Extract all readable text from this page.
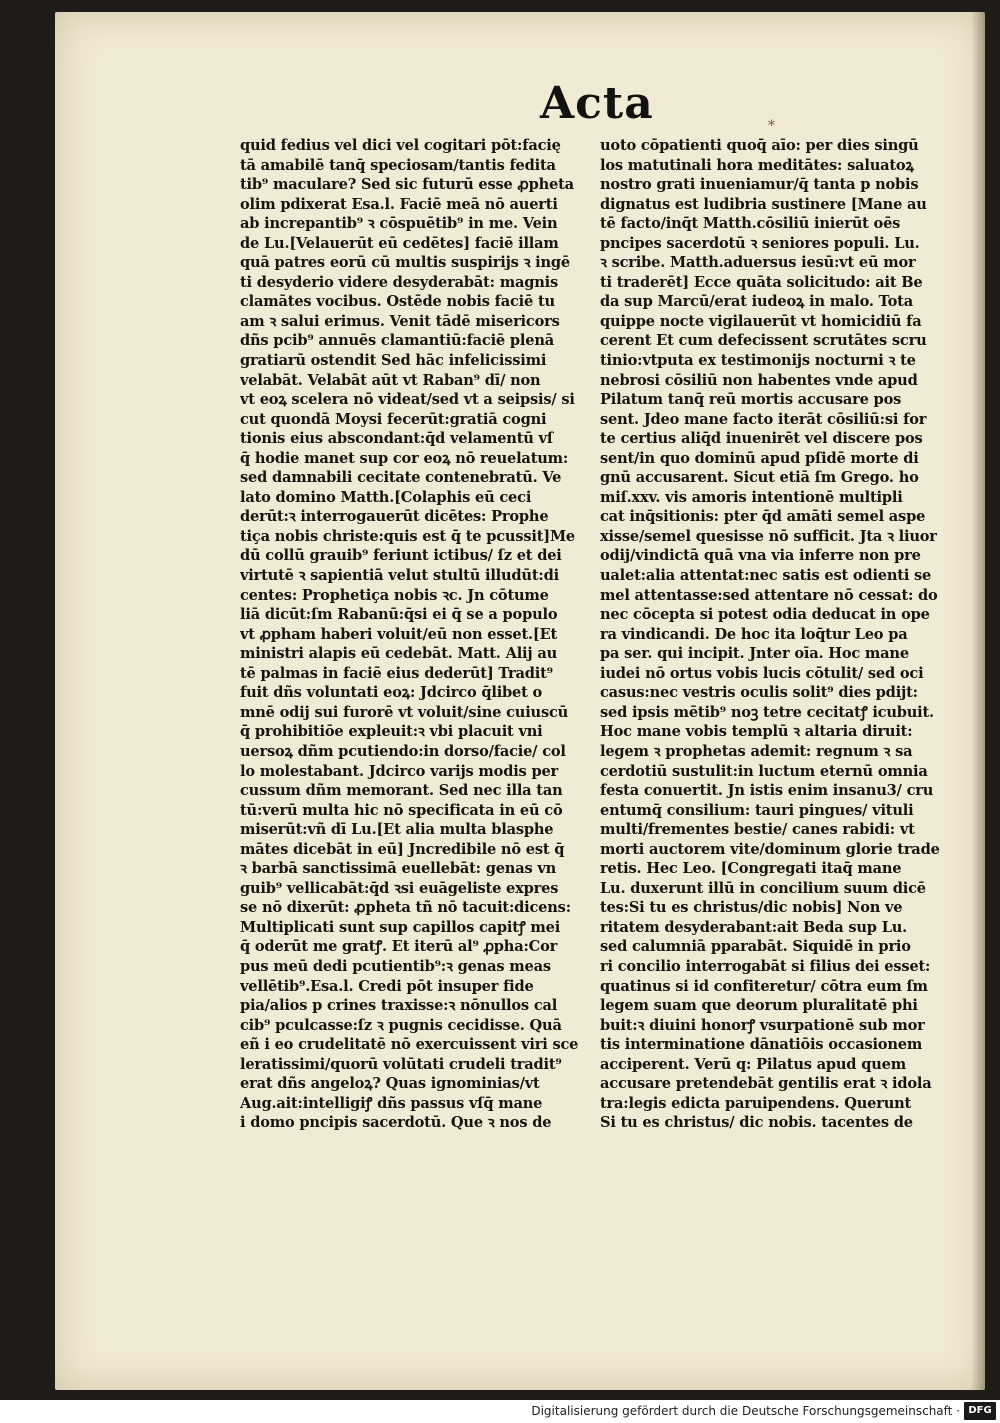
Acta	*
quid fedius vel dici vel cogitari pōt:facię
tā amabilē tanq̄ speciosam/tantis fedita
tib⁹ maculare? Sed sic futurū esse ꝓpheta
olim pdixerat Esa.l. Faciē meā nō auerti
ab increpantib⁹ ꝛ cōspuētib⁹ in me. Vein
de Lu.[Velauerūt eū cedētes] faciē illam
quā patres eorū cū multis suspirijs ꝛ ingē
ti desyderio videre desyderabāt: magnis
clamātes vocibus. Ostēde nobis faciē tu
am ꝛ salui erimus. Venit tādē misericors
dñs pcib⁹ annuēs clamantiū:faciē plenā
gratiarū ostendit Sed hāc infelicissimi
velabāt. Velabāt aūt vt Raban⁹ dī/ non
vt eoꝝ scelera nō videat/sed vt a seipsis/ si
cut quondā Moysi fecerūt:gratiā cogni
tionis eius abscondant:q̄d velamentū vſ
q̄ hodie manet sup cor eoꝝ nō reuelatum:
sed damnabili cecitate contenebratū. Ve
lato domino Matth.[Colaphis eū ceci
derūt:ꝛ interrogauerūt dicētes: Prophe
tiça nobis christe:quis est q̄ te pcussit]Me
dū collū grauib⁹ feriunt ictibus/ ſz et dei
virtutē ꝛ sapientiā velut stultū illudūt:di
centes: Prophetiça nobis ꝛc. Jn cōtume
liā dicūt:ſm Rabanū:q̄si ei q̄ se a populo
vt ꝓpham haberi voluit/eū non esset.[Et
ministri alapis eū cedebāt. Matt. Alij au
tē palmas in faciē eius dederūt] Tradit⁹
fuit dñs voluntati eoꝝ: Jdcirco q̄libet o
mnē odij sui furorē vt voluit/sine cuiuscū
q̄ prohibitiōe expleuit:ꝛ vbi placuit vni
uersoꝝ dñm pcutiendo:in dorso/facie/ col
lo molestabant. Jdcirco varijs modis per
cussum dñm memorant. Sed nec illa tan
tū:verū multa hic nō specificata in eū cō
miserūt:vñ dī Lu.[Et alia multa blasphe
mātes dicebāt in eū] Jncredibile nō est q̄
ꝛ barbā sanctissimā euellebāt: genas vn
guib⁹ vellicabāt:q̄d ꝛsi euāgeliste expres
se nō dixerūt: ꝓpheta tñ nō tacuit:dicens:
Multiplicati sunt sup capillos capitꝭ mei
q̄ oderūt me gratꝭ. Et iterū al⁹ ꝓpha:Cor
pus meū dedi pcutientib⁹:ꝛ genas meas
vellētib⁹.Esa.l. Credi pōt insuper fide
pia/alios p crines traxisse:ꝛ nōnullos cal
cib⁹ pculcasse:ſz ꝛ pugnis cecidisse. Quā
eñ i eo crudelitatē nō exercuissent viri sce
leratissimi/quorū volūtati crudeli tradit⁹
erat dñs angeloꝝ? Quas ignominias/vt
Aug.ait:intelligiꝭ dñs passus vſq̄ mane
i domo pncipis sacerdotū. Que ꝛ nos de
uoto cōpatienti quoq̄ aīo: per dies singū
los matutinali hora meditātes: saluatoꝝ
nostro grati inueniamur/q̄ tanta p nobis
dignatus est ludibria sustinere [Mane au
tē facto/inq̄t Matth.cōsiliū inierūt oēs
pncipes sacerdotū ꝛ seniores populi. Lu.
ꝛ scribe. Matth.aduersus iesū:vt eū mor
ti traderēt] Ecce quāta solicitudo: ait Be
da sup Marcū/erat iudeoꝝ in malo. Tota
quippe nocte vigilauerūt vt homicidiū fa
cerent Et cum defecissent scrutātes scru
tinio:vtputa ex testimonijs nocturni ꝛ te
nebrosi cōsiliū non habentes vnde apud
Pilatum tanq̄ reū mortis accusare pos
sent. Jdeo mane facto iterāt cōsiliū:si for
te certius aliq̄d inuenirēt vel discere pos
sent/in quo dominū apud pſidē morte di
gnū accusarent. Sicut etiā ſm Grego. ho
miſ.xxv. vis amoris intentionē multipli
cat inq̄sitionis: pter q̄d amāti semel aspe
xisse/semel quesisse nō sufficit. Jta ꝛ liuor
odij/vindictā quā vna via inferre non pre
ualet:alia attentat:nec satis est odienti se
mel attentasse:sed attentare nō cessat: do
nec cōcepta si potest odia deducat in ope
ra vindicandi. De hoc ita loq̄tur Leo pa
pa ser. qui incipit. Jnter oīa. Hoc mane
iudei nō ortus vobis lucis cōtulit/ sed oci
casus:nec vestris oculis solit⁹ dies pdijt:
sed ipsis mētib⁹ noꝫ tetre cecitatꝭ icubuit.
Hoc mane vobis templū ꝛ altaria diruit:
legem ꝛ prophetas ademit: regnum ꝛ sa
cerdotiū sustulit:in luctum eternū omnia
festa conuertit. Jn istis enim insanu3/ cru
entumq̄ consilium: tauri pingues/ vituli
multi/frementes bestie/ canes rabidi: vt
morti auctorem vite/dominum glorie trade
retis. Hec Leo. [Congregati itaq̄ mane
Lu. duxerunt illū in concilium suum dicē
tes:Si tu es christus/dic nobis] Non ve
ritatem desyderabant:ait Beda sup Lu.
sed calumniā pparabāt. Siquidē in prio
ri concilio interrogabāt si filius dei esset:
quatinus si id confiteretur/ cōtra eum ſm
legem suam que deorum pluralitatē phi
buit:ꝛ diuini honorꝭ vsurpationē sub mor
tis interminatione dānatiōis occasionem
acciperent. Verū q: Pilatus apud quem
accusare pretendebāt gentilis erat ꝛ idola
tra:legis edicta paruipendens. Querunt
Si tu es christus/ dic nobis. tacentes de
Digitalisierung gefördert durch die Deutsche Forschungsgemeinschaft · DFG
